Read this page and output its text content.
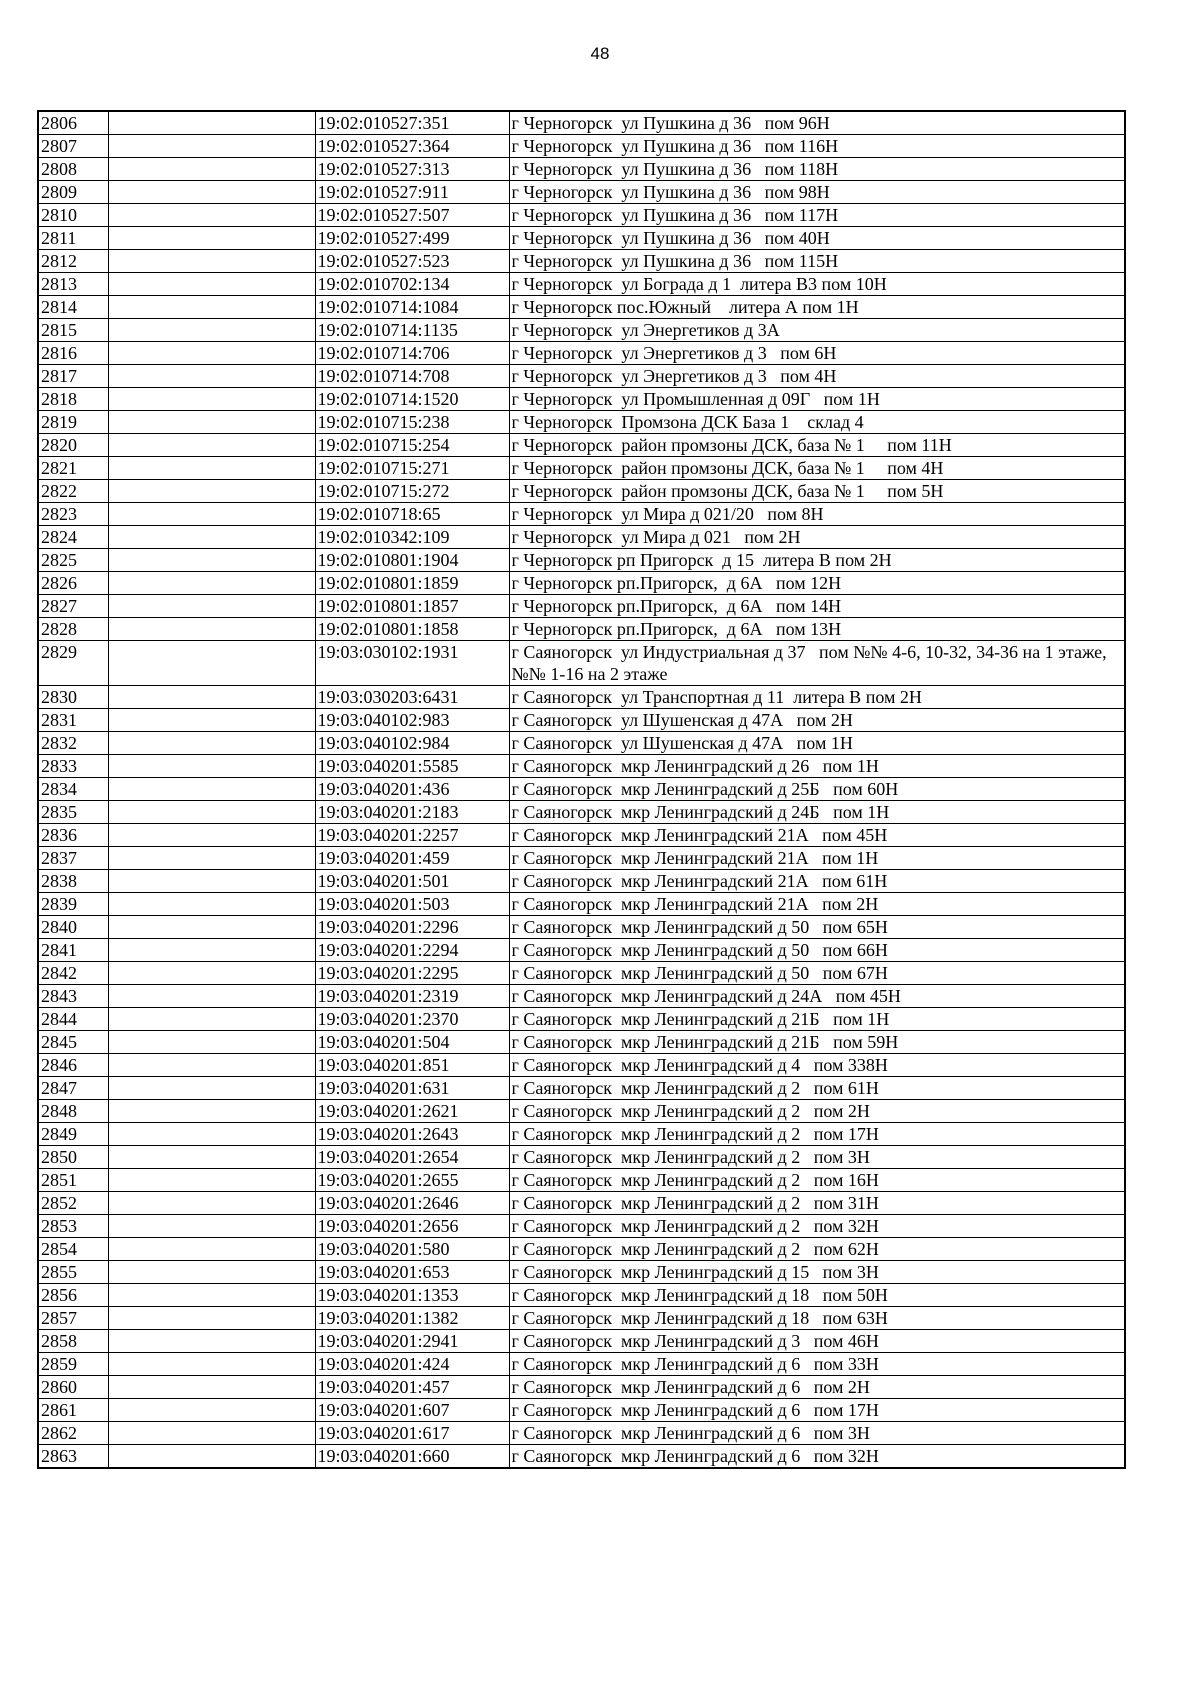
48
2806		19:02:010527:351	г Черногорск  ул Пушкина д 36   пом 96Н
2807		19:02:010527:364	г Черногорск  ул Пушкина д 36   пом 116Н
2808		19:02:010527:313	г Черногорск  ул Пушкина д 36   пом 118Н
2809		19:02:010527:911	г Черногорск  ул Пушкина д 36   пом 98Н
2810		19:02:010527:507	г Черногорск  ул Пушкина д 36   пом 117Н
2811		19:02:010527:499	г Черногорск  ул Пушкина д 36   пом 40Н
2812		19:02:010527:523	г Черногорск  ул Пушкина д 36   пом 115Н
2813		19:02:010702:134	г Черногорск  ул Бограда д 1  литера В3 пом 10Н
2814		19:02:010714:1084	г Черногорск пос.Южный    литера А пом 1Н
2815		19:02:010714:1135	г Черногорск  ул Энергетиков д 3А
2816		19:02:010714:706	г Черногорск  ул Энергетиков д 3   пом 6Н
2817		19:02:010714:708	г Черногорск  ул Энергетиков д 3   пом 4Н
2818		19:02:010714:1520	г Черногорск  ул Промышленная д 09Г   пом 1Н
2819		19:02:010715:238	г Черногорск  Промзона ДСК База 1    склад 4
2820		19:02:010715:254	г Черногорск  район промзоны ДСК, база № 1     пом 11Н
2821		19:02:010715:271	г Черногорск  район промзоны ДСК, база № 1     пом 4Н
2822		19:02:010715:272	г Черногорск  район промзоны ДСК, база № 1     пом 5Н
2823		19:02:010718:65	г Черногорск  ул Мира д 021/20   пом 8Н
2824		19:02:010342:109	г Черногорск  ул Мира д 021   пом 2Н
2825		19:02:010801:1904	г Черногорск рп Пригорск  д 15  литера В пом 2Н
2826		19:02:010801:1859	г Черногорск рп.Пригорск,  д 6А   пом 12Н
2827		19:02:010801:1857	г Черногорск рп.Пригорск,  д 6А   пом 14Н
2828		19:02:010801:1858	г Черногорск рп.Пригорск,  д 6А   пом 13Н
2829		19:03:030102:1931	г Саяногорск  ул Индустриальная д 37   пом №№ 4-6, 10-32, 34-36 на 1 этаже, №№ 1-16 на 2 этаже
2830		19:03:030203:6431	г Саяногорск  ул Транспортная д 11  литера В пом 2Н
2831		19:03:040102:983	г Саяногорск  ул Шушенская д 47А   пом 2Н
2832		19:03:040102:984	г Саяногорск  ул Шушенская д 47А   пом 1Н
2833		19:03:040201:5585	г Саяногорск  мкр Ленинградский д 26   пом 1Н
2834		19:03:040201:436	г Саяногорск  мкр Ленинградский д 25Б   пом 60Н
2835		19:03:040201:2183	г Саяногорск  мкр Ленинградский д 24Б   пом 1Н
2836		19:03:040201:2257	г Саяногорск  мкр Ленинградский 21А   пом 45Н
2837		19:03:040201:459	г Саяногорск  мкр Ленинградский 21А   пом 1Н
2838		19:03:040201:501	г Саяногорск  мкр Ленинградский 21А   пом 61Н
2839		19:03:040201:503	г Саяногорск  мкр Ленинградский 21А   пом 2Н
2840		19:03:040201:2296	г Саяногорск  мкр Ленинградский д 50   пом 65Н
2841		19:03:040201:2294	г Саяногорск  мкр Ленинградский д 50   пом 66Н
2842		19:03:040201:2295	г Саяногорск  мкр Ленинградский д 50   пом 67Н
2843		19:03:040201:2319	г Саяногорск  мкр Ленинградский д 24А   пом 45Н
2844		19:03:040201:2370	г Саяногорск  мкр Ленинградский д 21Б   пом 1Н
2845		19:03:040201:504	г Саяногорск  мкр Ленинградский д 21Б   пом 59Н
2846		19:03:040201:851	г Саяногорск  мкр Ленинградский д 4   пом 338Н
2847		19:03:040201:631	г Саяногорск  мкр Ленинградский д 2   пом 61Н
2848		19:03:040201:2621	г Саяногорск  мкр Ленинградский д 2   пом 2Н
2849		19:03:040201:2643	г Саяногорск  мкр Ленинградский д 2   пом 17Н
2850		19:03:040201:2654	г Саяногорск  мкр Ленинградский д 2   пом 3Н
2851		19:03:040201:2655	г Саяногорск  мкр Ленинградский д 2   пом 16Н
2852		19:03:040201:2646	г Саяногорск  мкр Ленинградский д 2   пом 31Н
2853		19:03:040201:2656	г Саяногорск  мкр Ленинградский д 2   пом 32Н
2854		19:03:040201:580	г Саяногорск  мкр Ленинградский д 2   пом 62Н
2855		19:03:040201:653	г Саяногорск  мкр Ленинградский д 15   пом 3Н
2856		19:03:040201:1353	г Саяногорск  мкр Ленинградский д 18   пом 50Н
2857		19:03:040201:1382	г Саяногорск  мкр Ленинградский д 18   пом 63Н
2858		19:03:040201:2941	г Саяногорск  мкр Ленинградский д 3   пом 46Н
2859		19:03:040201:424	г Саяногорск  мкр Ленинградский д 6   пом 33Н
2860		19:03:040201:457	г Саяногорск  мкр Ленинградский д 6   пом 2Н
2861		19:03:040201:607	г Саяногорск  мкр Ленинградский д 6   пом 17Н
2862		19:03:040201:617	г Саяногорск  мкр Ленинградский д 6   пом 3Н
2863		19:03:040201:660	г Саяногорск  мкр Ленинградский д 6   пом 32Н
